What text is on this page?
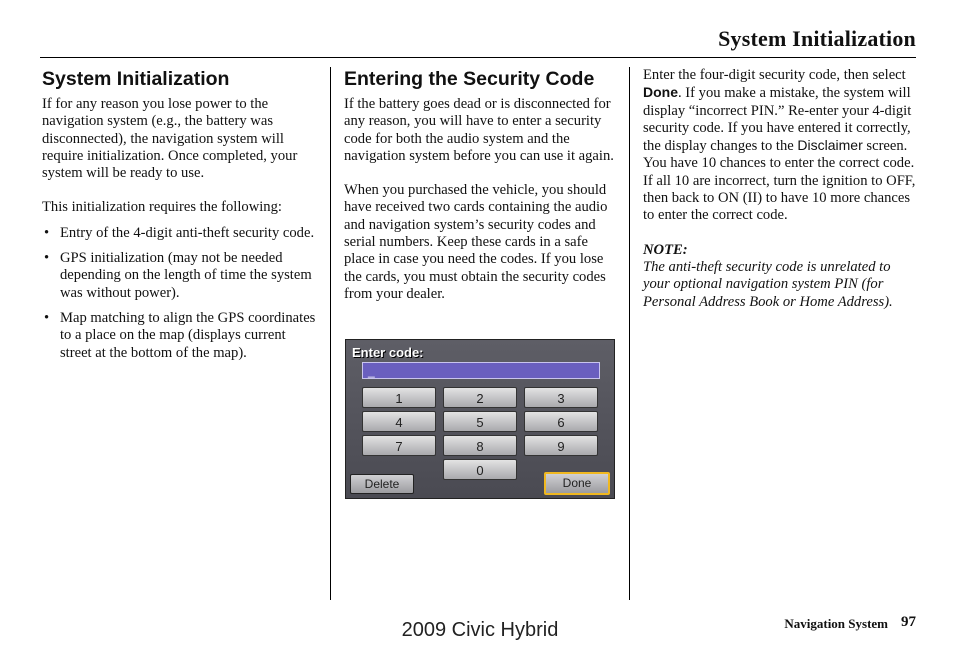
System Initialization
System Initialization

If for any reason you lose power to the navigation system (e.g., the battery was disconnected), the navigation system will require initialization. Once completed, your system will be ready to use.

This initialization requires the following:

• Entry of the 4-digit anti-theft security code.
• GPS initialization (may not be needed depending on the length of time the system was without power).
• Map matching to align the GPS coordinates to a place on the map (displays current street at the bottom of the map).
Entering the Security Code

If the battery goes dead or is disconnected for any reason, you will have to enter a security code for both the audio system and the navigation system before you can use it again.

When you purchased the vehicle, you should have received two cards containing the audio and navigation system’s security codes and serial numbers. Keep these cards in a safe place in case you need the codes. If you lose the cards, you must obtain the security codes from your dealer.

Enter code:
_
1	2	3
4	5	6
7	8	9
0
Delete	Done

Enter the four-digit security code, then select Done. If you make a mistake, the system will display “incorrect PIN.” Re-enter your 4-digit security code. If you have entered it correctly, the display changes to the Disclaimer screen. You have 10 chances to enter the correct code. If all 10 are incorrect, turn the ignition to OFF, then back to ON (II) to have 10 more chances to enter the correct code.

NOTE:

The anti-theft security code is unrelated to your optional navigation system PIN (for Personal Address Book or Home Address).

Navigation System 97
2009 Civic Hybrid
